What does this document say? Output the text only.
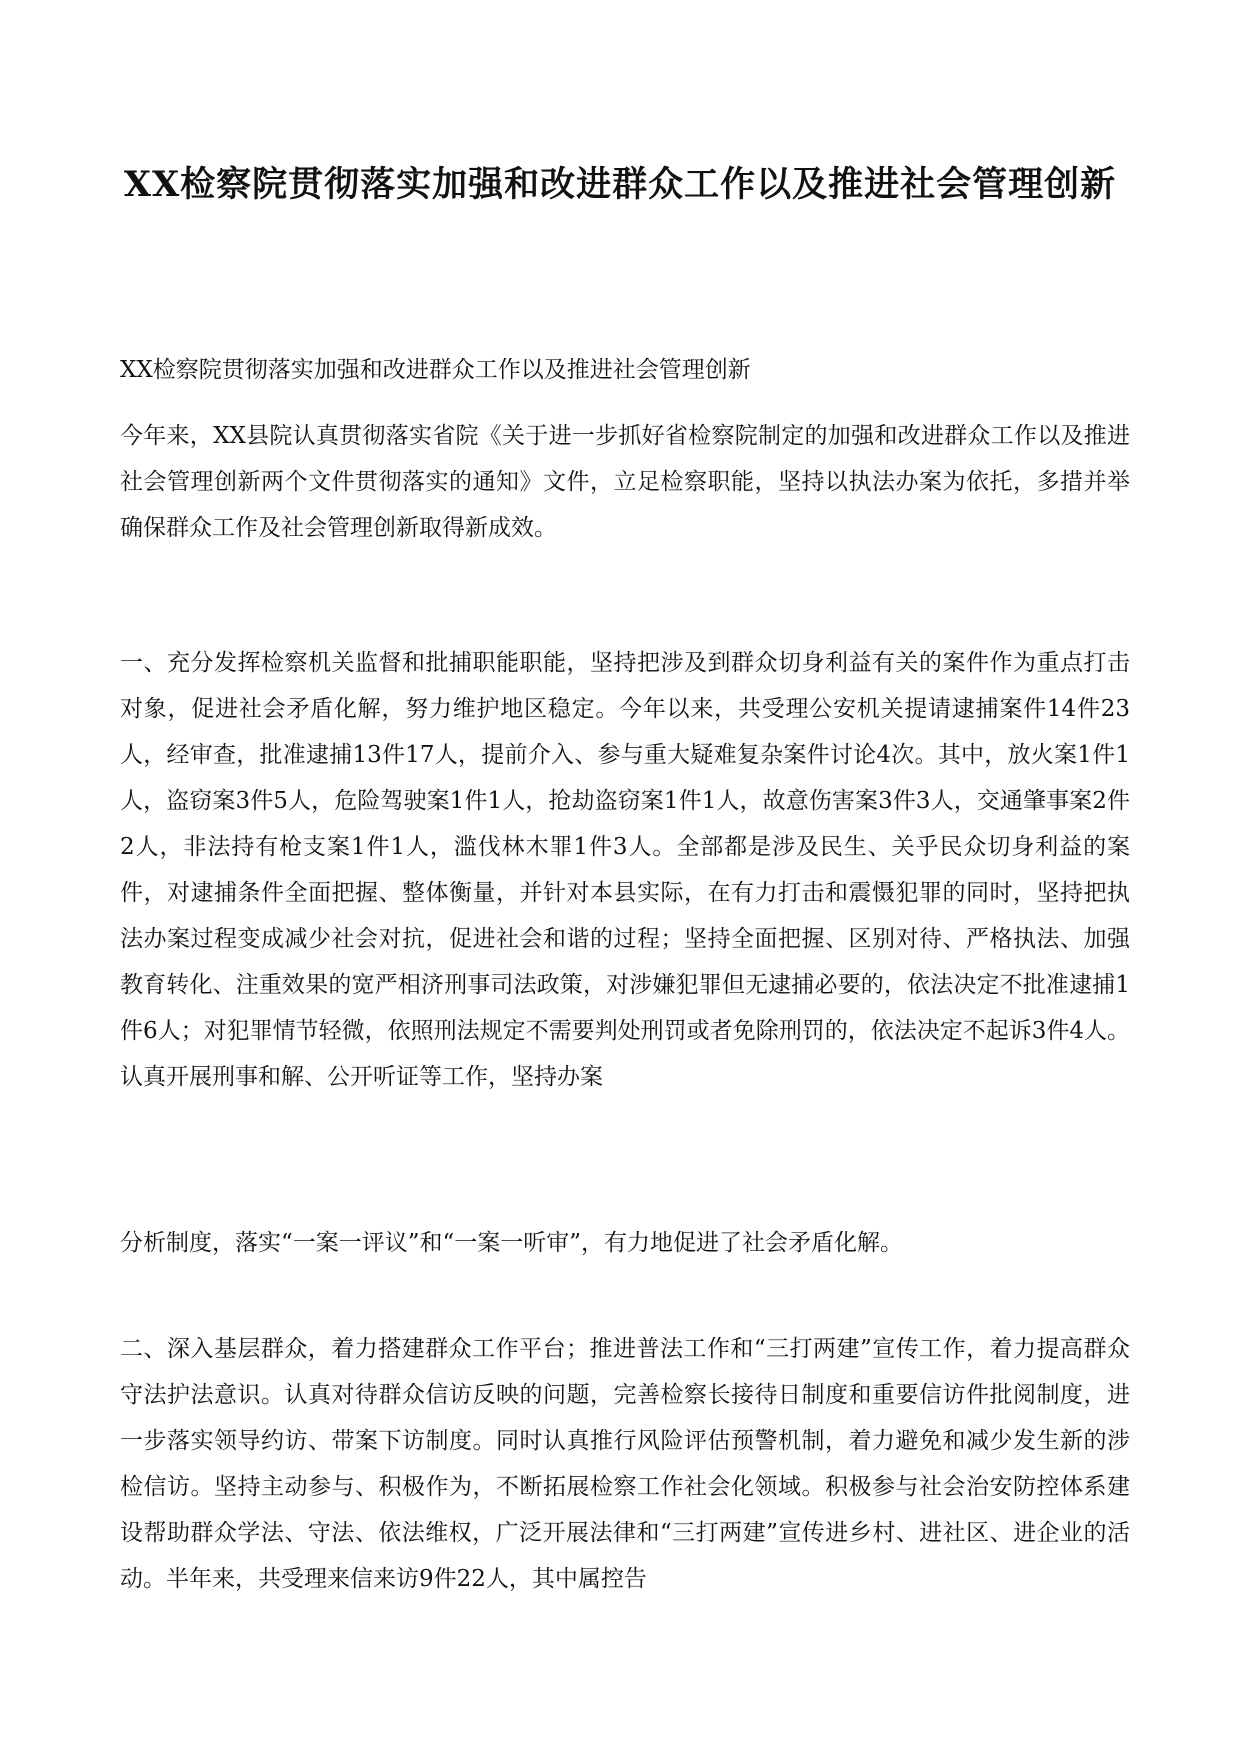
XX检察院贯彻落实加强和改进群众工作以及推进社会管理创新

XX检察院贯彻落实加强和改进群众工作以及推进社会管理创新

今年来，XX县院认真贯彻落实省院《关于进一步抓好省检察院制定的加强和改进群众工作以及推进社会管理创新两个文件贯彻落实的通知》文件，立足检察职能，坚持以执法办案为依托，多措并举确保群众工作及社会管理创新取得新成效。

一、充分发挥检察机关监督和批捕职能职能，坚持把涉及到群众切身利益有关的案件作为重点打击对象，促进社会矛盾化解，努力维护地区稳定。今年以来，共受理公安机关提请逮捕案件14件23人，经审查，批准逮捕13件17人，提前介入、参与重大疑难复杂案件讨论4次。其中，放火案1件1人，盗窃案3件5人，危险驾驶案1件1人，抢劫盗窃案1件1人，故意伤害案3件3人，交通肇事案2件2人，非法持有枪支案1件1人，滥伐林木罪1件3人。全部都是涉及民生、关乎民众切身利益的案件，对逮捕条件全面把握、整体衡量，并针对本县实际，在有力打击和震慑犯罪的同时，坚持把执法办案过程变成减少社会对抗，促进社会和谐的过程；坚持全面把握、区别对待、严格执法、加强教育转化、注重效果的宽严相济刑事司法政策，对涉嫌犯罪但无逮捕必要的，依法决定不批准逮捕1件6人；对犯罪情节轻微，依照刑法规定不需要判处刑罚或者免除刑罚的，依法决定不起诉3件4人。认真开展刑事和解、公开听证等工作，坚持办案

分析制度，落实“一案一评议”和“一案一听审”，有力地促进了社会矛盾化解。

二、深入基层群众，着力搭建群众工作平台；推进普法工作和“三打两建”宣传工作，着力提高群众守法护法意识。认真对待群众信访反映的问题，完善检察长接待日制度和重要信访件批阅制度，进一步落实领导约访、带案下访制度。同时认真推行风险评估预警机制，着力避免和减少发生新的涉检信访。坚持主动参与、积极作为，不断拓展检察工作社会化领域。积极参与社会治安防控体系建设帮助群众学法、守法、依法维权，广泛开展法律和“三打两建”宣传进乡村、进社区、进企业的活动。半年来，共受理来信来访9件22人，其中属控告
